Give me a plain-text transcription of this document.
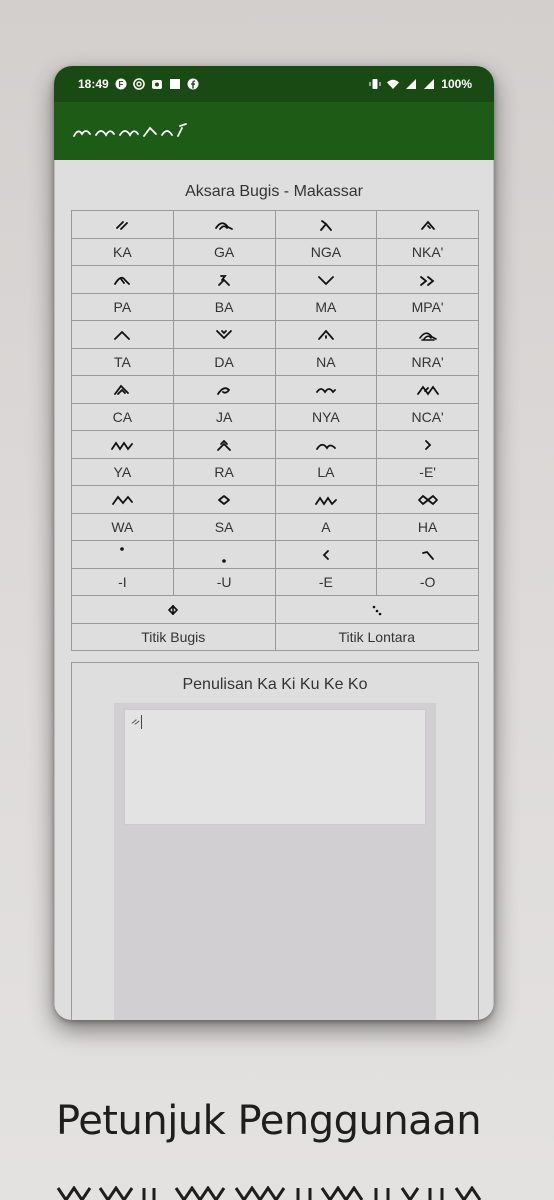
18:49 F	100%
Aksara Bugis - Makassar

KA	GA	NGA	NKA'

PA	BA	MA	MPA'

TA	DA	NA	NRA'

CA	JA	NYA	NCA'

YA	RA	LA	-E'

WA	SA	A	HA

-I	-U	-E	-O

Titik Bugis		Titik Lontara	
Penulisan Ka Ki Ku Ke Ko
ᨀ
Petunjuk Penggunaan
